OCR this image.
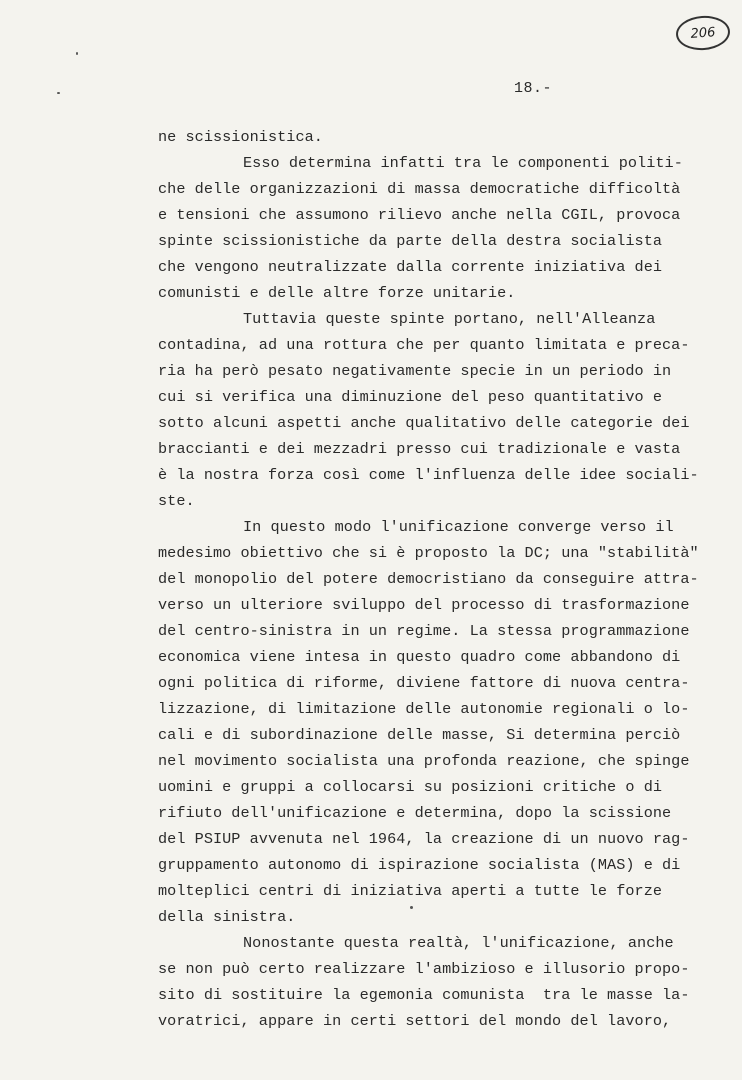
206
18.-
ne scissionistica.
Esso determina infatti tra le componenti politi-
che delle organizzazioni di massa democratiche difficoltà
e tensioni che assumono rilievo anche nella CGIL, provoca
spinte scissionistiche da parte della destra socialista
che vengono neutralizzate dalla corrente iniziativa dei
comunisti e delle altre forze unitarie.
Tuttavia queste spinte portano, nell'Alleanza
contadina, ad una rottura che per quanto limitata e preca-
ria ha però pesato negativamente specie in un periodo in
cui si verifica una diminuzione del peso quantitativo e
sotto alcuni aspetti anche qualitativo delle categorie dei
braccianti e dei mezzadri presso cui tradizionale e vasta
è la nostra forza così come l'influenza delle idee sociali-
ste.
In questo modo l'unificazione converge verso il
medesimo obiettivo che si è proposto la DC; una "stabilità"
del monopolio del potere democristiano da conseguire attra-
verso un ulteriore sviluppo del processo di trasformazione
del centro-sinistra in un regime. La stessa programmazione
economica viene intesa in questo quadro come abbandono di
ogni politica di riforme, diviene fattore di nuova centra-
lizzazione, di limitazione delle autonomie regionali o lo-
cali e di subordinazione delle masse, Si determina perciò
nel movimento socialista una profonda reazione, che spinge
uomini e gruppi a collocarsi su posizioni critiche o di
rifiuto dell'unificazione e determina, dopo la scissione
del PSIUP avvenuta nel 1964, la creazione di un nuovo rag-
gruppamento autonomo di ispirazione socialista (MAS) e di
molteplici centri di iniziativa aperti a tutte le forze
della sinistra.
Nonostante questa realtà, l'unificazione, anche
se non può certo realizzare l'ambizioso e illusorio propo-
sito di sostituire la egemonia comunista  tra le masse la-
voratrici, appare in certi settori del mondo del lavoro,
